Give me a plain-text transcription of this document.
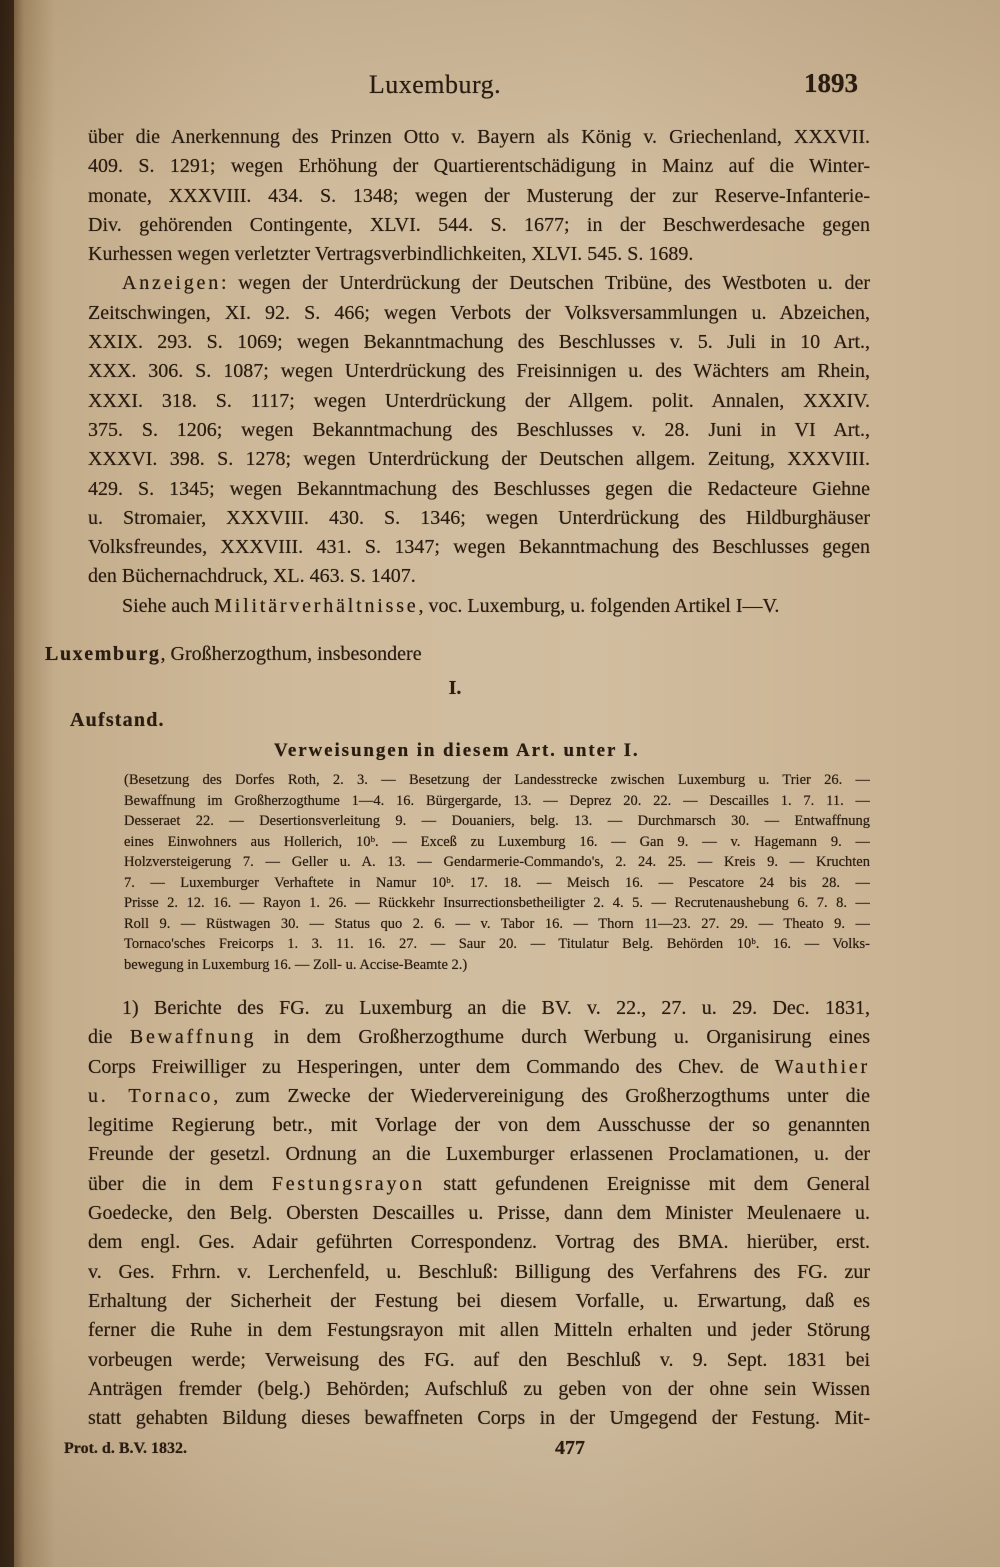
Luxemburg.	1893
über die Anerkennung des Prinzen Otto v. Bayern als König v. Griechenland, XXXVII.
409. S. 1291; wegen Erhöhung der Quartierentschädigung in Mainz auf die Winter-
monate, XXXVIII. 434. S. 1348; wegen der Musterung der zur Reserve-Infanterie-
Div. gehörenden Contingente, XLVI. 544. S. 1677; in der Beschwerdesache gegen
Kurhessen wegen verletzter Vertragsverbindlichkeiten, XLVI. 545. S. 1689.
Anzeigen: wegen der Unterdrückung der Deutschen Tribüne, des Westboten u. der
Zeitschwingen, XI. 92. S. 466; wegen Verbots der Volksversammlungen u. Abzeichen,
XXIX. 293. S. 1069; wegen Bekanntmachung des Beschlusses v. 5. Juli in 10 Art.,
XXX. 306. S. 1087; wegen Unterdrückung des Freisinnigen u. des Wächters am Rhein,
XXXI. 318. S. 1117; wegen Unterdrückung der Allgem. polit. Annalen, XXXIV.
375. S. 1206; wegen Bekanntmachung des Beschlusses v. 28. Juni in VI Art.,
XXXVI. 398. S. 1278; wegen Unterdrückung der Deutschen allgem. Zeitung, XXXVIII.
429. S. 1345; wegen Bekanntmachung des Beschlusses gegen die Redacteure Giehne
u. Stromaier, XXXVIII. 430. S. 1346; wegen Unterdrückung des Hildburghäuser
Volksfreundes, XXXVIII. 431. S. 1347; wegen Bekanntmachung des Beschlusses gegen
den Büchernachdruck, XL. 463. S. 1407.
Siehe auch Militärverhältnisse, voc. Luxemburg, u. folgenden Artikel I—V.
Luxemburg, Großherzogthum, insbesondere
I.
Aufstand.
Verweisungen in diesem Art. unter I.
(Besetzung des Dorfes Roth, 2. 3. — Besetzung der Landesstrecke zwischen Luxemburg u. Trier 26. —
Bewaffnung im Großherzogthume 1—4. 16. Bürgergarde, 13. — Deprez 20. 22. — Descailles 1. 7. 11. —
Desseraet 22. — Desertionsverleitung 9. — Douaniers, belg. 13. — Durchmarsch 30. — Entwaffnung
eines Einwohners aus Hollerich, 10ᵇ. — Exceß zu Luxemburg 16. — Gan 9. — v. Hagemann 9. —
Holzversteigerung 7. — Geller u. A. 13. — Gendarmerie-Commando's, 2. 24. 25. — Kreis 9. — Kruchten
7. — Luxemburger Verhaftete in Namur 10ᵇ. 17. 18. — Meisch 16. — Pescatore 24 bis 28. —
Prisse 2. 12. 16. — Rayon 1. 26. — Rückkehr Insurrectionsbetheiligter 2. 4. 5. — Recrutenaushebung 6. 7. 8. —
Roll 9. — Rüstwagen 30. — Status quo 2. 6. — v. Tabor 16. — Thorn 11—23. 27. 29. — Theato 9. —
Tornaco'sches Freicorps 1. 3. 11. 16. 27. — Saur 20. — Titulatur Belg. Behörden 10ᵇ. 16. — Volks-
bewegung in Luxemburg 16. — Zoll- u. Accise-Beamte 2.)
1) Berichte des FG. zu Luxemburg an die BV. v. 22., 27. u. 29. Dec. 1831,
die Bewaffnung in dem Großherzogthume durch Werbung u. Organisirung eines
Corps Freiwilliger zu Hesperingen, unter dem Commando des Chev. de Wauthier
u. Tornaco, zum Zwecke der Wiedervereinigung des Großherzogthums unter die
legitime Regierung betr., mit Vorlage der von dem Ausschusse der so genannten
Freunde der gesetzl. Ordnung an die Luxemburger erlassenen Proclamationen, u. der
über die in dem Festungsrayon statt gefundenen Ereignisse mit dem General
Goedecke, den Belg. Obersten Descailles u. Prisse, dann dem Minister Meulenaere u.
dem engl. Ges. Adair geführten Correspondenz. Vortrag des BMA. hierüber, erst.
v. Ges. Frhrn. v. Lerchenfeld, u. Beschluß: Billigung des Verfahrens des FG. zur
Erhaltung der Sicherheit der Festung bei diesem Vorfalle, u. Erwartung, daß es
ferner die Ruhe in dem Festungsrayon mit allen Mitteln erhalten und jeder Störung
vorbeugen werde; Verweisung des FG. auf den Beschluß v. 9. Sept. 1831 bei
Anträgen fremder (belg.) Behörden; Aufschluß zu geben von der ohne sein Wissen
statt gehabten Bildung dieses bewaffneten Corps in der Umgegend der Festung. Mit-
Prot. d. B.V. 1832.	477
